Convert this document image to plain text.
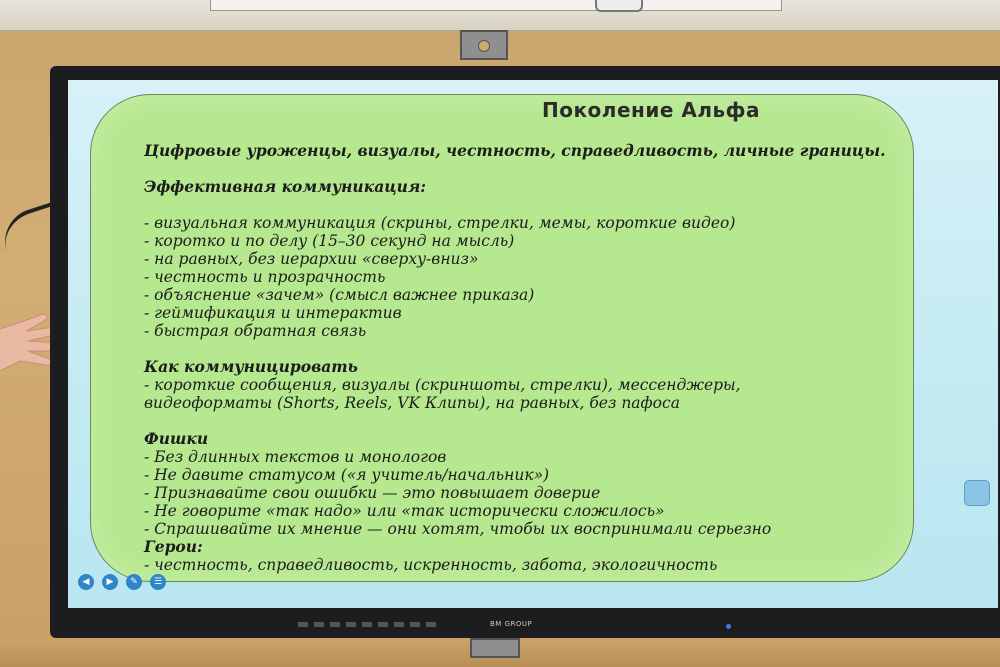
Поколение Альфа
Цифровые уроженцы, визуалы, честность, справедливость, личные границы.
Эффективная коммуникация:
- визуальная коммуникация (скрины, стрелки, мемы, короткие видео)
- коротко и по делу (15–30 секунд на мысль)
- на равных, без иерархии «сверху-вниз»
- честность и прозрачность
- объяснение «зачем» (смысл важнее приказа)
- геймификация и интерактив
- быстрая обратная связь
Как коммуницировать
- короткие сообщения, визуалы (скриншоты, стрелки), мессенджеры,
видеоформаты (Shorts, Reels, VK Клипы), на равных, без пафоса
Фишки
- Без длинных текстов и монологов
- Не давите статусом («я учитель/начальник»)
- Признавайте свои ошибки — это повышает доверие
- Не говорите «так надо» или «так исторически сложилось»
- Спрашивайте их мнение — они хотят, чтобы их воспринимали серьезно
Герои:
- честность, справедливость, искренность, забота, экологичность
◀	▶	✎	☰
BM GROUP
